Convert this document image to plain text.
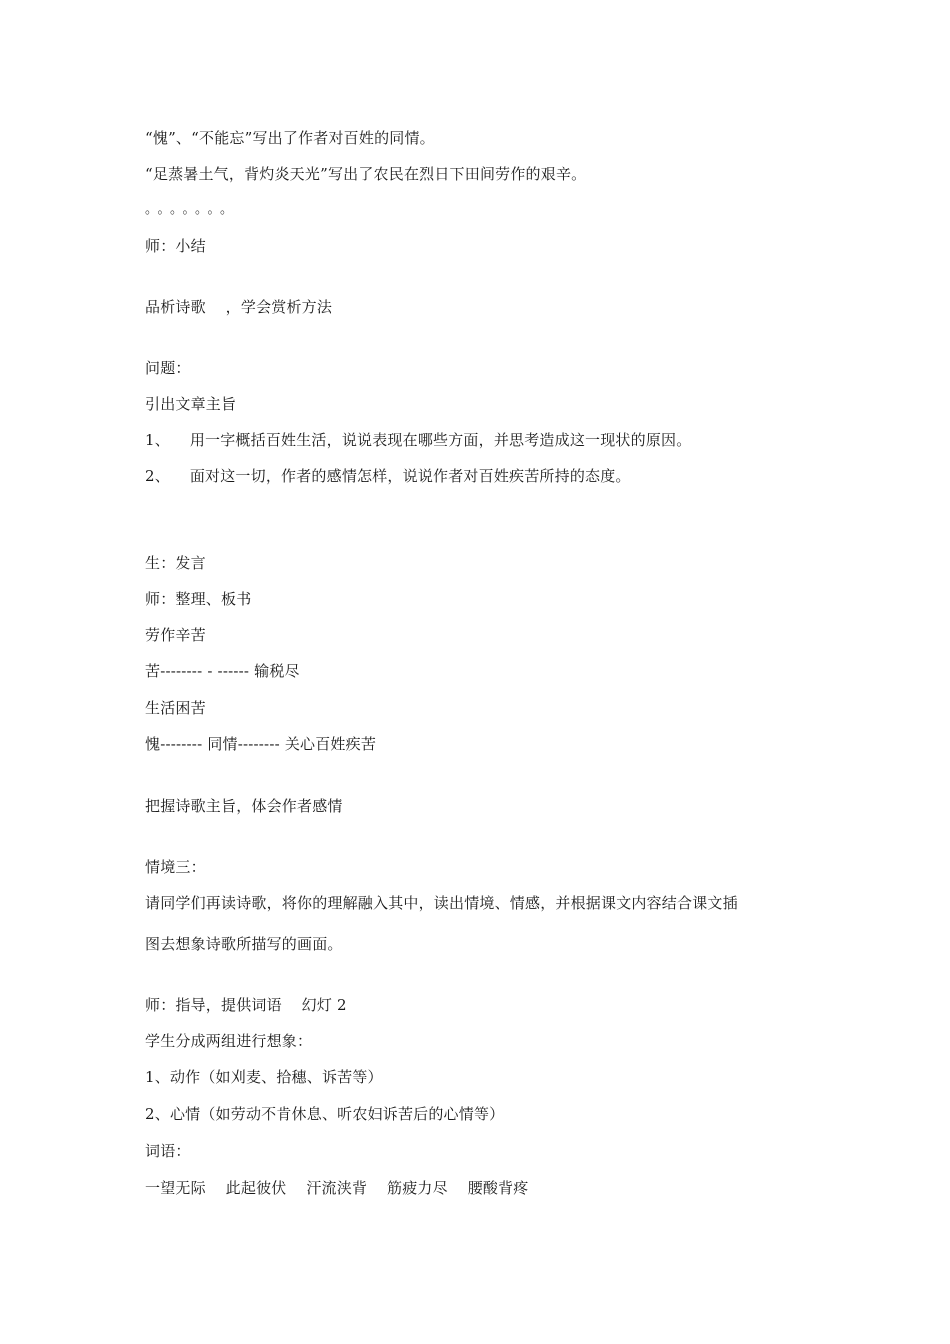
“愧”、“不能忘”写出了作者对百姓的同情。
“足蒸暑土气，背灼炎天光”写出了农民在烈日下田间劳作的艰辛。
。。。。。。。
师：小结
品析诗歌    ，学会赏析方法
问题：
引出文章主旨
1、    用一字概括百姓生活，说说表现在哪些方面，并思考造成这一现状的原因。
2、    面对这一切，作者的感情怎样，说说作者对百姓疾苦所持的态度。
生：发言
师：整理、板书
劳作辛苦
苦-------- - ------ 输税尽
生活困苦
愧-------- 同情-------- 关心百姓疾苦
把握诗歌主旨，体会作者感情
情境三：
请同学们再读诗歌，将你的理解融入其中，读出情境、情感，并根据课文内容结合课文插
图去想象诗歌所描写的画面。
师：指导，提供词语    幻灯 2
学生分成两组进行想象：
1、动作（如刈麦、拾穗、诉苦等）
2、心情（如劳动不肯休息、听农妇诉苦后的心情等）
词语：
一望无际    此起彼伏    汗流浃背    筋疲力尽    腰酸背疼
